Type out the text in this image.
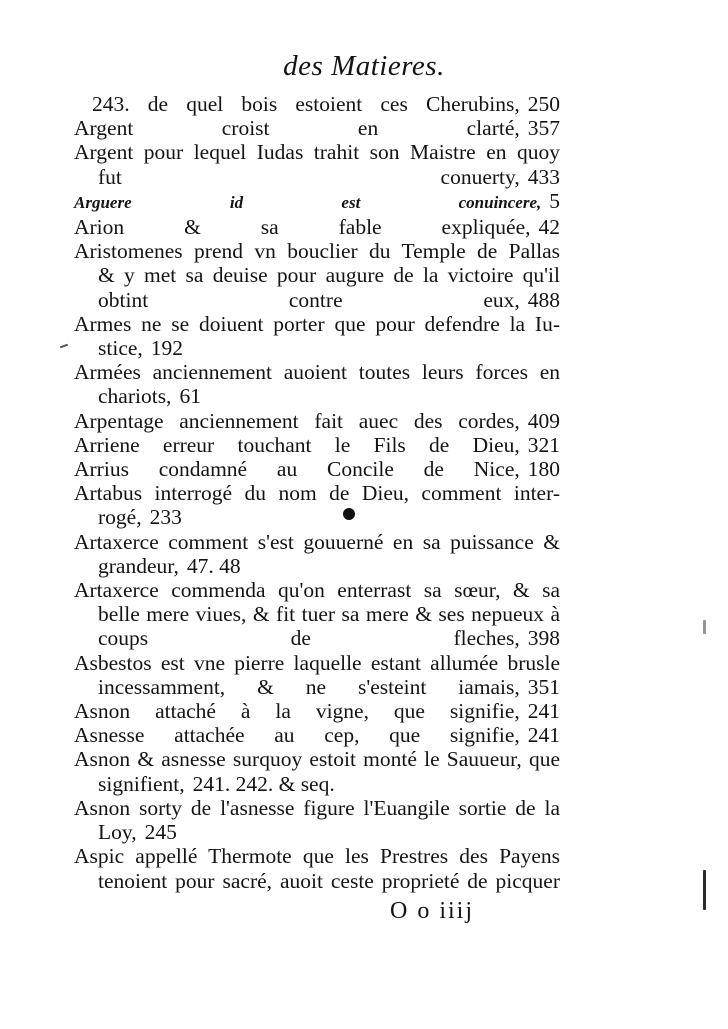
des Matieres.
243. de quel bois estoient ces Cherubins, 250
Argent croist en clarté, 357
Argent pour lequel Iudas trahit son Maistre en quoy
fut conuerty, 433
Arguere id est conuincere, 5
Arion & sa fable expliquée, 42
Aristomenes prend vn bouclier du Temple de Pallas
& y met sa deuise pour augure de la victoire qu'il
obtint contre eux, 488
Armes ne se doiuent porter que pour defendre la Iu-
stice, 192
Armées anciennement auoient toutes leurs forces en
chariots, 61
Arpentage anciennement fait auec des cordes, 409
Arriene erreur touchant le Fils de Dieu, 321
Arrius condamné au Concile de Nice, 180
Artabus interrogé du nom de Dieu, comment inter-
rogé, 233
Artaxerce comment s'est gouuerné en sa puissance &
grandeur, 47. 48
Artaxerce commenda qu'on enterrast sa sœur, & sa
belle mere viues, & fit tuer sa mere & ses nepueux à
coups de fleches, 398
Asbestos est vne pierre laquelle estant allumée brusle
incessamment, & ne s'esteint iamais, 351
Asnon attaché à la vigne, que signifie, 241
Asnesse attachée au cep, que signifie, 241
Asnon & asnesse surquoy estoit monté le Sauueur, que
signifient, 241. 242. & seq.
Asnon sorty de l'asnesse figure l'Euangile sortie de la
Loy, 245
Aspic appellé Thermote que les Prestres des Payens
tenoient pour sacré, auoit ceste proprieté de picquer
O o iiij
